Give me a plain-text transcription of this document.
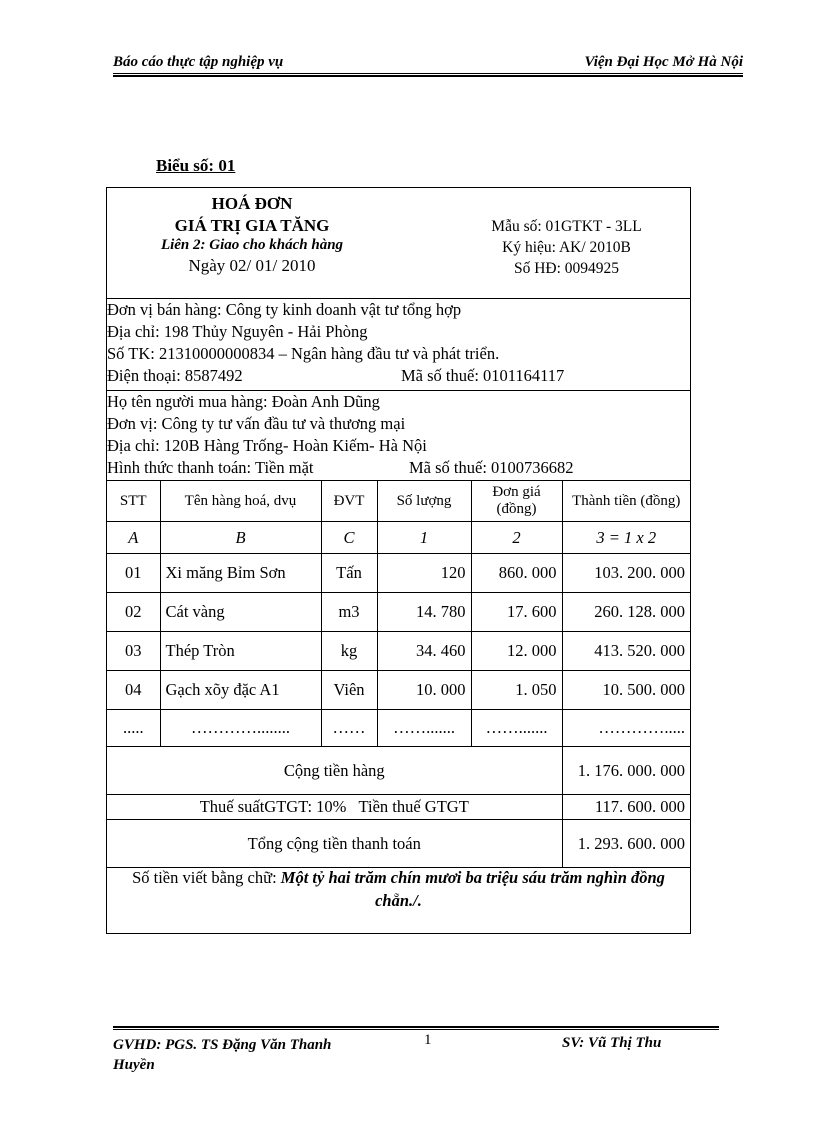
Báo cáo thực tập nghiệp vụ	Viện Đại Học Mở Hà Nội
Biểu số: 01
HOÁ ĐƠN
GIÁ TRỊ GIA TĂNG
Liên 2: Giao cho khách hàng
Ngày 02/ 01/ 2010
Mẫu số: 01GTKT - 3LL
Ký hiệu: AK/ 2010B
Số HĐ: 0094925
Đơn vị bán hàng: Công ty kinh doanh vật tư tổng hợp
Địa chỉ: 198 Thủy Nguyên - Hải Phòng
Số TK: 21310000000834 – Ngân hàng đầu tư và phát triển.
Điện thoại: 8587492	Mã số thuế: 0101164117
Họ tên người mua hàng: Đoàn Anh Dũng
Đơn vị: Công ty tư vấn đầu tư và thương mại
Địa chỉ: 120B Hàng Trống- Hoàn Kiếm- Hà Nội
Hình thức thanh toán: Tiền mặt	Mã số thuế: 0100736682
STT	Tên hàng hoá, dvụ	ĐVT	Số lượng	Đơn giá (đồng)	Thành tiền (đồng)
A	B	C	1	2	3 = 1 x 2
01	Xi măng Bỉm Sơn	Tấn	120	860. 000	103. 200. 000
02	Cát vàng	m3	14. 780	17. 600	260. 128. 000
03	Thép Tròn	kg	34. 460	12. 000	413. 520. 000
04	Gạch xõy đặc A1	Viên	10. 000	1. 050	10. 500. 000
.....	…………........	……	…….......	…….......	………….....
Cộng tiền hàng					1. 176. 000. 000
Thuế suấtGTGT: 10%   Tiền thuế GTGT					117. 600. 000
Tổng cộng tiền thanh toán					1. 293. 600. 000
Số tiền viết bằng chữ: Một tỷ hai trăm chín mươi ba triệu sáu trăm nghìn đồng chẵn./.
GVHD: PGS. TS Đặng Văn Thanh Huyền
1	SV: Vũ Thị Thu
